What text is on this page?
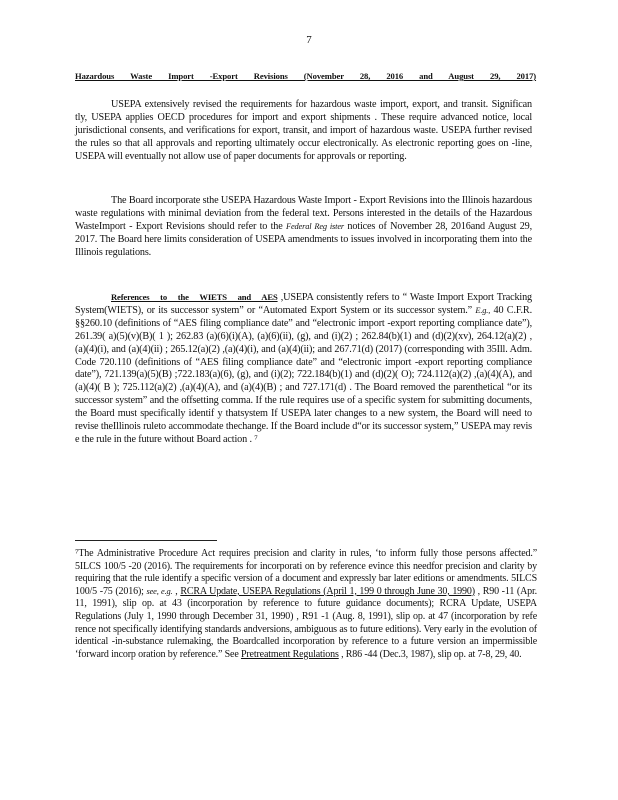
7
Hazardous Waste Import -Export Revisions (November 28, 2016 and August 29, 2017)

USEPA extensively revised the requirements for hazardous waste import, export, and transit. Significan tly, USEPA applies OECD procedures for import and export shipments . These require advanced notice, local jurisdictional consents, and verifications for export, transit, and import of hazardous waste. USEPA further revised the rules so that all approvals and reporting ultimately occur electronically. As electronic reporting goes on -line, USEPA will eventually not allow use of paper documents for approvals or reporting.

The Board incorporate sthe USEPA Hazardous Waste Import - Export Revisions into the Illinois hazardous waste regulations with minimal deviation from the federal text. Persons interested in the details of the Hazardous WasteImport - Export Revisions should refer to the Federal Reg ister notices of November 28, 2016and August 29, 2017. The Board here limits consideration of USEPA amendments to issues involved in incorporating them into the Illinois regulations.

References to the WIETS and AES ,USEPA consistently refers to “ Waste Import Export Tracking System(WIETS), or its successor system” or “Automated Export System or its successor system.” E.g., 40 C.F.R. §§260.10 (definitions of “AES filing compliance date” and “electronic import -export reporting compliance date”), 261.39( a)(5)(v)(B)( 1 ); 262.83 (a)(6)(i)(A), (a)(6)(ii), (g), and (i)(2) ; 262.84(b)(1) and (d)(2)(xv), 264.12(a)(2) , (a)(4)(i), and (a)(4)(ii) ; 265.12(a)(2) ,(a)(4)(i), and (a)(4)(ii); and 267.71(d) (2017) (corresponding with 35Ill. Adm. Code 720.110 (definitions of “AES filing compliance date” and “electronic import -export reporting compliance date”), 721.139(a)(5)(B) ;722.183(a)(6), (g), and (i)(2); 722.184(b)(1) and (d)(2)( O); 724.112(a)(2) ,(a)(4)(A), and (a)(4)( B ); 725.112(a)(2) ,(a)(4)(A), and (a)(4)(B) ; and 727.171(d) . The Board removed the parenthetical “or its successor system” and the offsetting comma. If the rule requires use of a specific system for submitting documents, the Board must specifically identif y thatsystem If USEPA later changes to a new system, the Board will need to revise theIllinois ruleto accommodate thechange. If the Board include d“or its successor system,” USEPA may revis e the rule in the future without Board action . ⁷

⁷The Administrative Procedure Act requires precision and clarity in rules, ‘to inform fully those persons affected.” 5ILCS 100/5 -20 (2016). The requirements for incorporati on by reference evince this needfor precision and clarity by requiring that the rule identify a specific version of a document and expressly bar later editions or amendments. 5ILCS 100/5 -75 (2016); see, e.g. , RCRA Update, USEPA Regulations (April 1, 199 0 through June 30, 1990) , R90 -11 (Apr. 11, 1991), slip op. at 43 (incorporation by reference to future guidance documents); RCRA Update, USEPA Regulations (July 1, 1990 through December 31, 1990) , R91 -1 (Aug. 8, 1991), slip op. at 47 (incorporation by refe rence not specifically identifying standards andversions, ambiguous as to future editions). Very early in the evolution of identical -in-substance rulemaking, the Boardcalled incorporation by reference to a future version an impermissible ‘forward incorp oration by reference.” See Pretreatment Regulations , R86 -44 (Dec.3, 1987), slip op. at 7-8, 29, 40.
